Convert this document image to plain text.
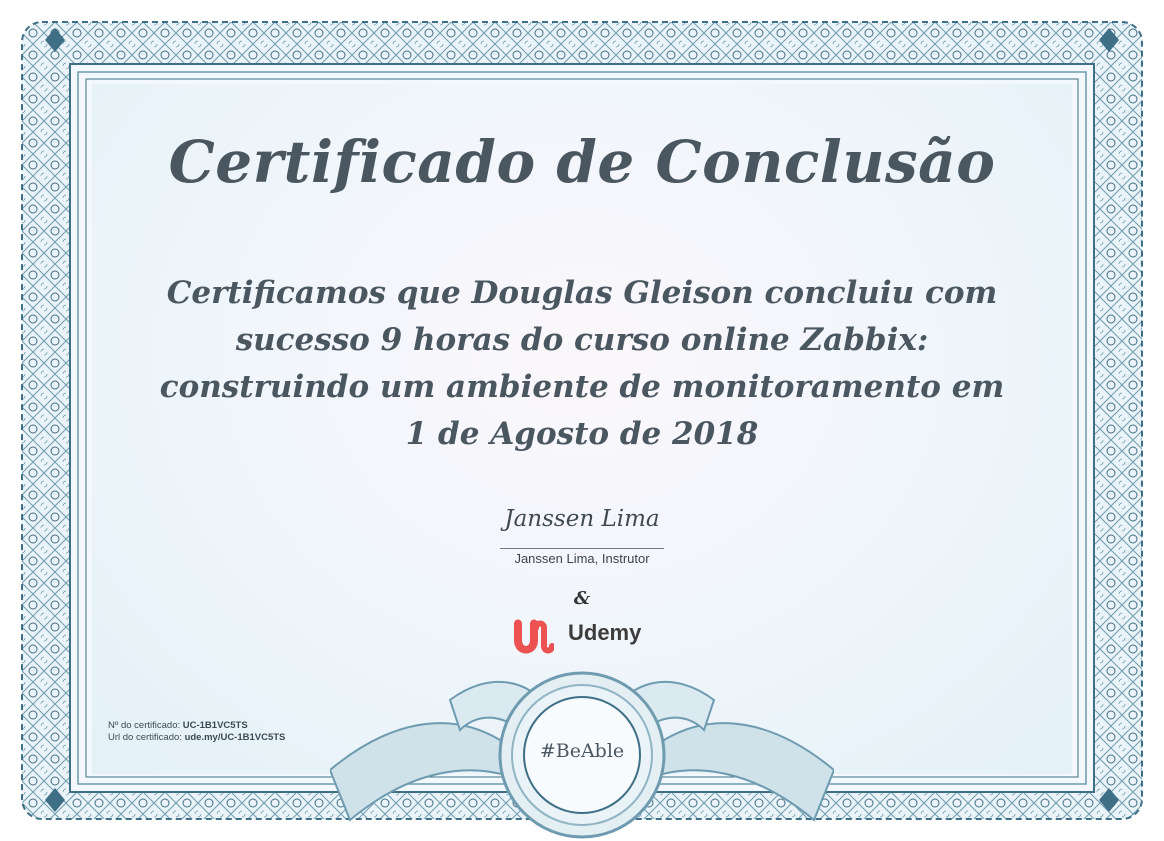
Certificado de Conclusão
Certificamos que Douglas Gleison concluiu com
sucesso 9 horas do curso online Zabbix:
construindo um ambiente de monitoramento em
1 de Agosto de 2018
Janssen Lima
Janssen Lima, Instrutor
&
Udemy
Nº do certificado: UC-1B1VC5TS
Url do certificado: ude.my/UC-1B1VC5TS
#BeAble
